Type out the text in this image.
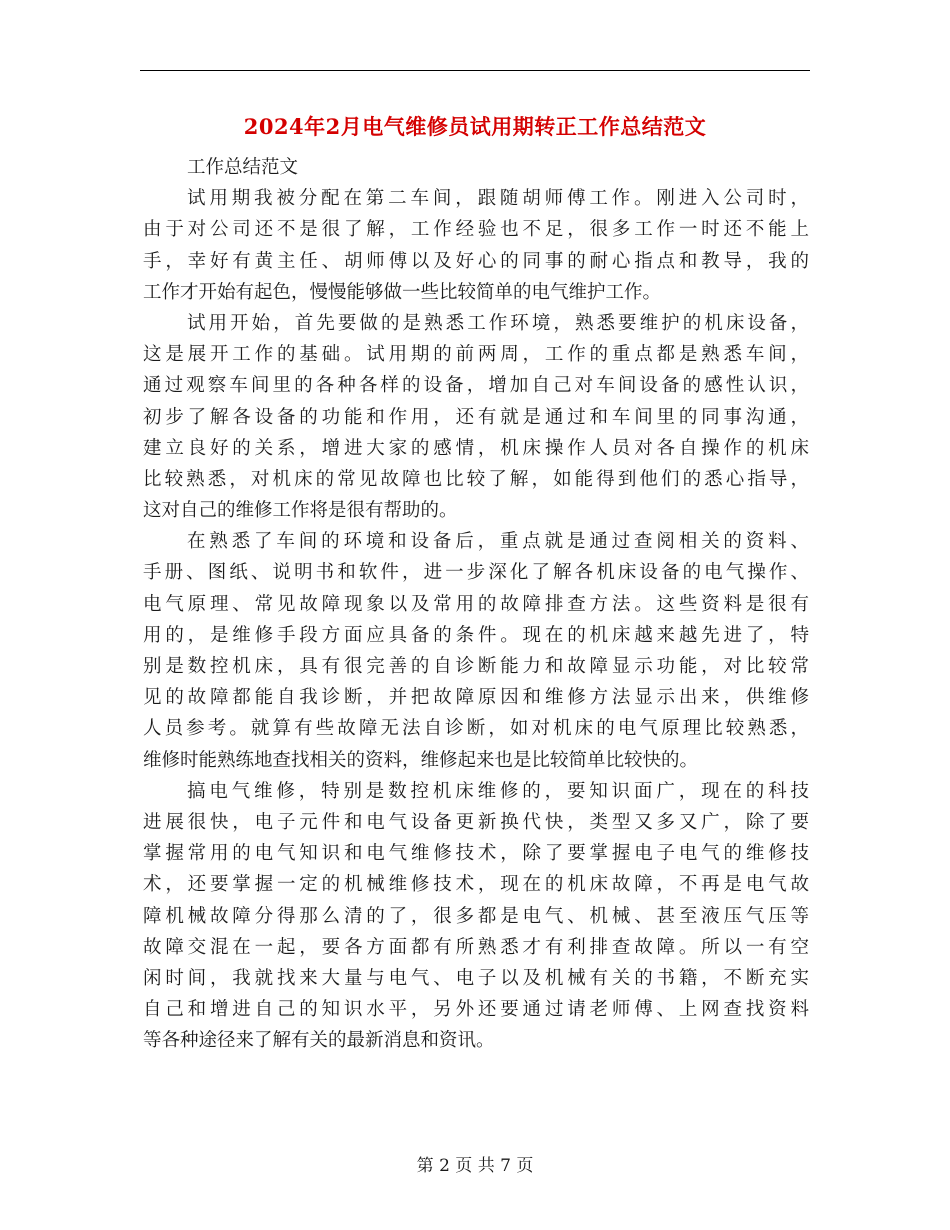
2024年2月电气维修员试用期转正工作总结范文

工作总结范文

试用期我被分配在第二车间，跟随胡师傅工作。刚进入公司时，
由于对公司还不是很了解，工作经验也不足，很多工作一时还不能上
手，幸好有黄主任、胡师傅以及好心的同事的耐心指点和教导，我的
工作才开始有起色，慢慢能够做一些比较简单的电气维护工作。

试用开始，首先要做的是熟悉工作环境，熟悉要维护的机床设备，
这是展开工作的基础。试用期的前两周，工作的重点都是熟悉车间，
通过观察车间里的各种各样的设备，增加自己对车间设备的感性认识，
初步了解各设备的功能和作用，还有就是通过和车间里的同事沟通，
建立良好的关系，增进大家的感情，机床操作人员对各自操作的机床
比较熟悉，对机床的常见故障也比较了解，如能得到他们的悉心指导，
这对自己的维修工作将是很有帮助的。

在熟悉了车间的环境和设备后，重点就是通过查阅相关的资料、
手册、图纸、说明书和软件，进一步深化了解各机床设备的电气操作、
电气原理、常见故障现象以及常用的故障排查方法。这些资料是很有
用的，是维修手段方面应具备的条件。现在的机床越来越先进了，特
别是数控机床，具有很完善的自诊断能力和故障显示功能，对比较常
见的故障都能自我诊断，并把故障原因和维修方法显示出来，供维修
人员参考。就算有些故障无法自诊断，如对机床的电气原理比较熟悉，
维修时能熟练地查找相关的资料，维修起来也是比较简单比较快的。

搞电气维修，特别是数控机床维修的，要知识面广，现在的科技
进展很快，电子元件和电气设备更新换代快，类型又多又广，除了要
掌握常用的电气知识和电气维修技术，除了要掌握电子电气的维修技
术，还要掌握一定的机械维修技术，现在的机床故障，不再是电气故
障机械故障分得那么清的了，很多都是电气、机械、甚至液压气压等
故障交混在一起，要各方面都有所熟悉才有利排查故障。所以一有空
闲时间，我就找来大量与电气、电子以及机械有关的书籍，不断充实
自己和增进自己的知识水平，另外还要通过请老师傅、上网查找资料
等各种途径来了解有关的最新消息和资讯。

第 2 页 共 7 页
